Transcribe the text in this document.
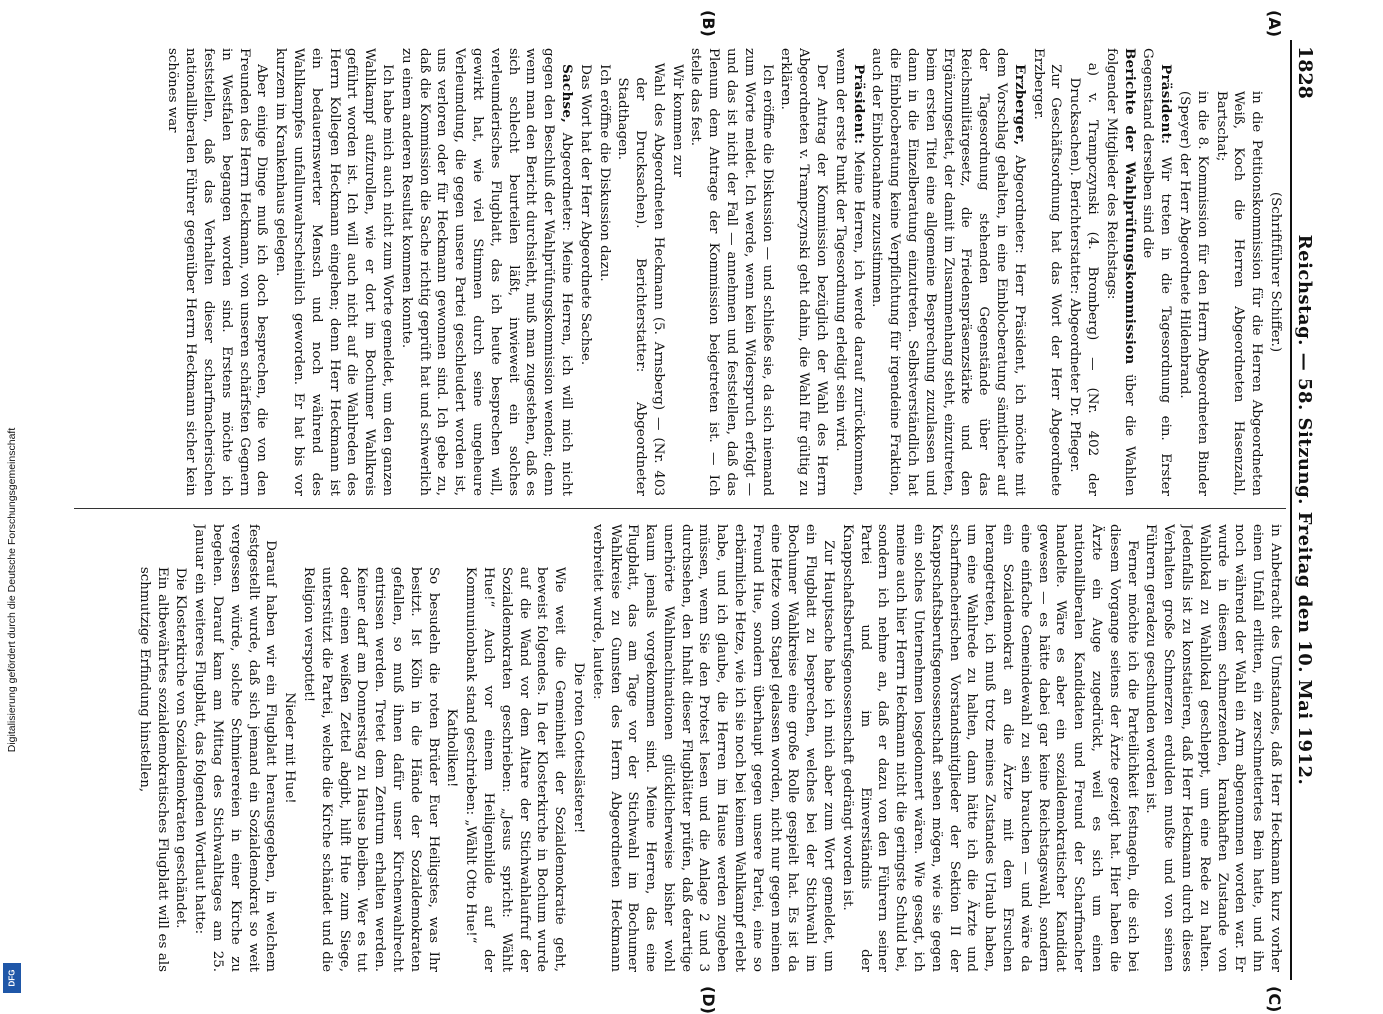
Digitalisierung gefördert durch die Deutsche Forschungsgemeinschaft
DFG
1828
Reichstag. — 58. Sitzung. Freitag den 10. Mai 1912.
(A)
(B)
(C)
(D)

(Schriftführer Schiffer.)

in die Petitionskommission für die Herren Abgeordneten Weiß, Koch die Herren Abgeordneten Hasenzahl, Bartschat;

in die 8. Kommission für den Herrn Abgeordneten Binder (Speyer) der Herr Abgeordnete Hildenbrand.

Präsident: Wir treten in die Tagesordnung ein. Erster Gegenstand derselben sind die

Berichte der Wahlprüfungskommission über die Wahlen folgender Mitglieder des Reichstags:

a) v. Trampczynski (4. Bromberg) — (Nr. 402 der Drucksachen). Berichterstatter: Abgeordneter Dr. Pfleger.

Zur Geschäftsordnung hat das Wort der Herr Abgeordnete Erzberger.

Erzberger, Abgeordneter: Herr Präsident, ich möchte mit dem Vorschlag gehalten, in eine Einblocberatung sämtlicher auf der Tagesordnung stehenden Gegenstände über das Reichsmilitärgesetz, die Friedenspräsenzstärke und den Ergänzungsetat, der damit im Zusammenhang steht, einzutreten, beim ersten Titel eine allgemeine Besprechung zuzulassen und dann in die Einzelberatung einzutreten. Selbstverständlich hat die Einblocberatung keine Verpflichtung für irgendeine Fraktion, auch der Einblocnahme zuzustimmen.

Präsident: Meine Herren, ich werde darauf zurückkommen, wenn der erste Punkt der Tagesordnung erledigt sein wird.

Der Antrag der Kommission bezüglich der Wahl des Herrn Abgeordneten v. Trampczynski geht dahin, die Wahl für gültig zu erklären.

Ich eröffne die Diskussion — und schließe sie, da sich niemand zum Worte meldet. Ich werde, wenn kein Widerspruch erfolgt — und das ist nicht der Fall — annehmen und feststellen, daß das Plenum dem Antrage der Kommission beigetreten ist. — Ich stelle das fest.

Wir kommen zur

Wahl des Abgeordneten Heckmann (5. Arnsberg) — (Nr. 403 der Drucksachen). Berichterstatter: Abgeordneter Stadthagen.

Ich eröffne die Diskussion dazu.

Das Wort hat der Herr Abgeordnete Sachse.

Sachse, Abgeordneter: Meine Herren, ich will mich nicht gegen den Beschluß der Wahlprüfungskommission wenden; denn wenn man den Bericht durchsieht, muß man zugestehen, daß es sich schlecht beurteilen läßt, inwieweit ein solches verleumderisches Flugblatt, das ich heute besprechen will, gewirkt hat, wie viel Stimmen durch seine ungeheure Verleumdung, die gegen unsere Partei geschleudert worden ist, uns verloren oder für Heckmann gewonnen sind. Ich gebe zu, daß die Kommission die Sache richtig geprüft hat und schwerlich zu einem anderen Resultat kommen konnte.

Ich habe mich auch nicht zum Worte gemeldet, um den ganzen Wahlkampf aufzurollen, wie er dort im Bochumer Wahlkreis geführt worden ist. Ich will auch nicht auf die Wahlreden des Herrn Kollegen Heckmann eingehen; denn Herr Heckmann ist ein bedauernswerter Mensch und noch während des Wahlkampfes unfallunwahrscheinlich geworden. Er hat bis vor kurzem im Krankenhaus gelegen.

Aber einige Dinge muß ich doch besprechen, die von den Freunden des Herrn Heckmann, von unseren schärfsten Gegnern in Westfalen begangen worden sind. Erstens möchte ich feststellen, daß das Verhalten dieser scharfmacherischen nationalliberalen Führer gegenüber Herrn Heckmann sicher kein schönes war

in Anbetracht des Umstandes, daß Herr Heckmann kurz vorher einen Unfall erlitten, ein zerschmettertes Bein hatte, und ihn noch während der Wahl ein Arm abgenommen worden war. Er wurde in diesem schmerzenden, krankhaften Zustande von Wahllokal zu Wahllokal geschleppt, um eine Rede zu halten. Jedenfalls ist zu konstatieren, daß Herr Heckmann durch dieses Verhalten große Schmerzen erdulden mußte und von seinen Führern geradezu geschunden worden ist.

Ferner möchte ich die Parteilichkeit festnageln, die sich bei diesem Vorgange seitens der Ärzte gezeigt hat. Hier haben die Ärzte ein Auge zugedrückt, weil es sich um einen nationalliberalen Kandidaten und Freund der Scharfmacher handelte. Wäre es aber ein sozialdemokratischer Kandidat gewesen — es hätte dabei gar keine Reichstagswahl, sondern eine einfache Gemeindewahl zu sein brauchen — und wäre da ein Sozialdemokrat an die Ärzte mit dem Ersuchen herangetreten, ich muß trotz meines Zustandes Urlaub haben, um eine Wahlrede zu halten, dann hätte ich die Ärzte und scharfmacherischen Vorstandsmitglieder der Sektion II der Knappschaftsberufsgenossenschaft sehen mögen, wie sie gegen ein solches Unternehmen losgedonnert wären. Wie gesagt, ich meine auch hier Herrn Heckmann nicht die geringste Schuld bei, sondern ich nehme an, daß er dazu von den Führern seiner Partei und im Einverständnis der Knappschaftsberufsgenossenschaft gedrängt worden ist.

Zur Hauptsache habe ich mich aber zum Wort gemeldet, um ein Flugblatt zu besprechen, welches bei der Stichwahl im Bochumer Wahlkreise eine große Rolle gespielt hat. Es ist da eine Hetze vom Stapel gelassen worden, nicht nur gegen meinen Freund Hue, sondern überhaupt gegen unsere Partei, eine so erbärmliche Hetze, wie ich sie noch bei keinem Wahlkampf erlebt habe, und ich glaube, die Herren im Hause werden zugeben müssen, wenn Sie den Protest lesen und die Anlage 2 und 3 durchsehen, den Inhalt dieser Flugblätter prüfen, daß derartige unerhörte Wahlmachinationen glücklicherweise bisher wohl kaum jemals vorgekommen sind. Meine Herren, das eine Flugblatt, das am Tage vor der Stichwahl im Bochumer Wahlkreise zu Gunsten des Herrn Abgeordneten Heckmann verbreitet wurde, lautete:

Die roten Gotteslästerer!

Wie weit die Gemeinheit der Sozialdemokratie geht, beweist folgendes. In der Klosterkirche in Bochum wurde auf die Wand vor dem Altare der Stichwahlaufruf der Sozialdemokraten geschrieben: „Jesus spricht: Wählt Hue!“ Auch vor einem Heiligenbilde auf der Kommunionbank stand geschrieben: „Wählt Otto Hue!“

Katholiken!

So besudeln die roten Brüder Euer Heiligstes, was Ihr besitzt. Ist Köln in die Hände der Sozialdemokraten gefallen, so muß ihnen dafür unser Kirchenwahlrecht entrissen werden. Tretet dem Zentrum erhalten werden. Keiner darf am Donnerstag zu Hause bleiben. Wer es tut oder einen weißen Zettel abgibt, hilft Hue zum Siege, unterstützt die Partei, welche die Kirche schändet und die Religion verspottet!

Nieder mit Hue!

Darauf haben wir ein Flugblatt herausgegeben, in welchem festgestellt wurde, daß sich jemand ein Sozialdemokrat so weit vergessen würde, solche Schmierereien in einer Kirche zu begehen. Darauf kam am Mittag des Stichwahltages am 25. Januar ein weiteres Flugblatt, das folgenden Wortlaut hatte:

Die Klosterkirche von Sozialdemokraten geschändet.

Ein altbewährtes sozialdemokratisches Flugblatt will es als schmutzige Erfindung hinstellen,
